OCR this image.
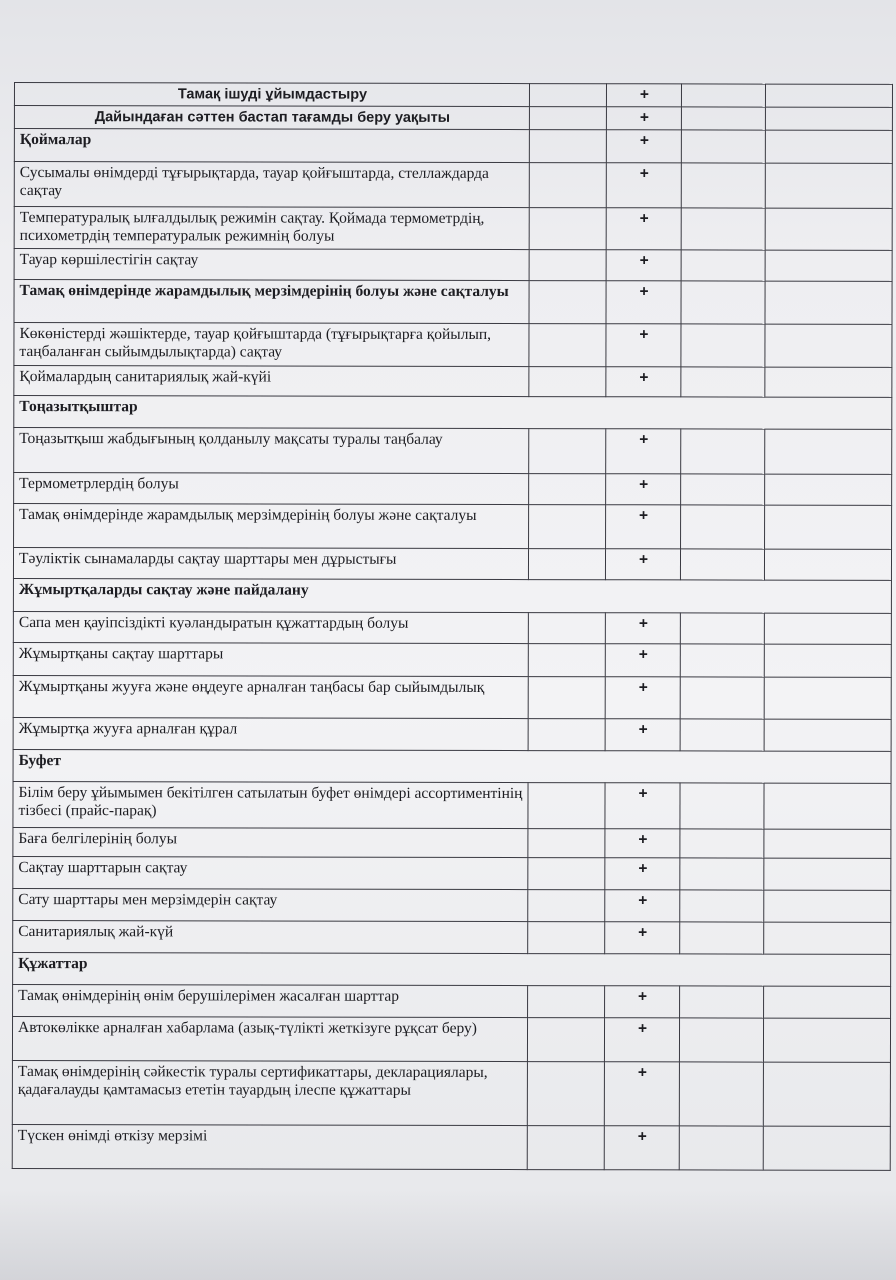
Тамақ ішуді ұйымдастыру		+		
Дайындаған сәттен бастап тағамды беру уақыты		+		
Қоймалар		+		
Сусымалы өнімдерді тұғырықтарда, тауар қойғыштарда, стеллаждарда сақтау		+		
Температуралық ылғалдылық режимін сақтау. Қоймада термометрдің, психометрдің температуралык режимнің болуы		+		
Тауар көршілестігін сақтау		+		
Тамақ өнімдерінде жарамдылық мерзімдерінің болуы және сақталуы		+		
Көкөністерді жәшіктерде, тауар қойғыштарда (тұғырықтарға қойылып, таңбаланған сыйымдылықтарда) сақтау		+		
Қоймалардың санитариялық жай-күйі		+		
Тоңазытқыштар				
Тоңазытқыш жабдығының қолданылу мақсаты туралы таңбалау		+		
Термометрлердің болуы		+		
Тамақ өнімдерінде жарамдылық мерзімдерінің болуы және сақталуы		+		
Тәуліктік сынамаларды сақтау шарттары мен дұрыстығы		+		
Жұмыртқаларды сақтау және пайдалану				
Сапа мен қауіпсіздікті куәландыратын құжаттардың болуы		+		
Жұмыртқаны сақтау шарттары		+		
Жұмыртқаны жууға және өңдеуге арналған таңбасы бар сыйымдылық		+		
Жұмыртқа жууға арналған құрал		+		
Буфет				
Білім беру ұйымымен бекітілген сатылатын буфет өнімдері ассортиментінің тізбесі (прайс-парақ)		+		
Баға белгілерінің болуы		+		
Сақтау шарттарын сақтау		+		
Сату шарттары мен мерзімдерін сақтау		+		
Санитариялық жай-күй		+		
Құжаттар				
Тамақ өнімдерінің өнім берушілерімен жасалған шарттар		+		
Автокөлікке арналған хабарлама (азық-түлікті жеткізуге рұқсат беру)		+		
Тамақ өнімдерінің сәйкестік туралы сертификаттары, декларациялары, қадағалауды қамтамасыз ететін тауардың ілеспе құжаттары		+		
Түскен өнімді өткізу мерзімі		+		
